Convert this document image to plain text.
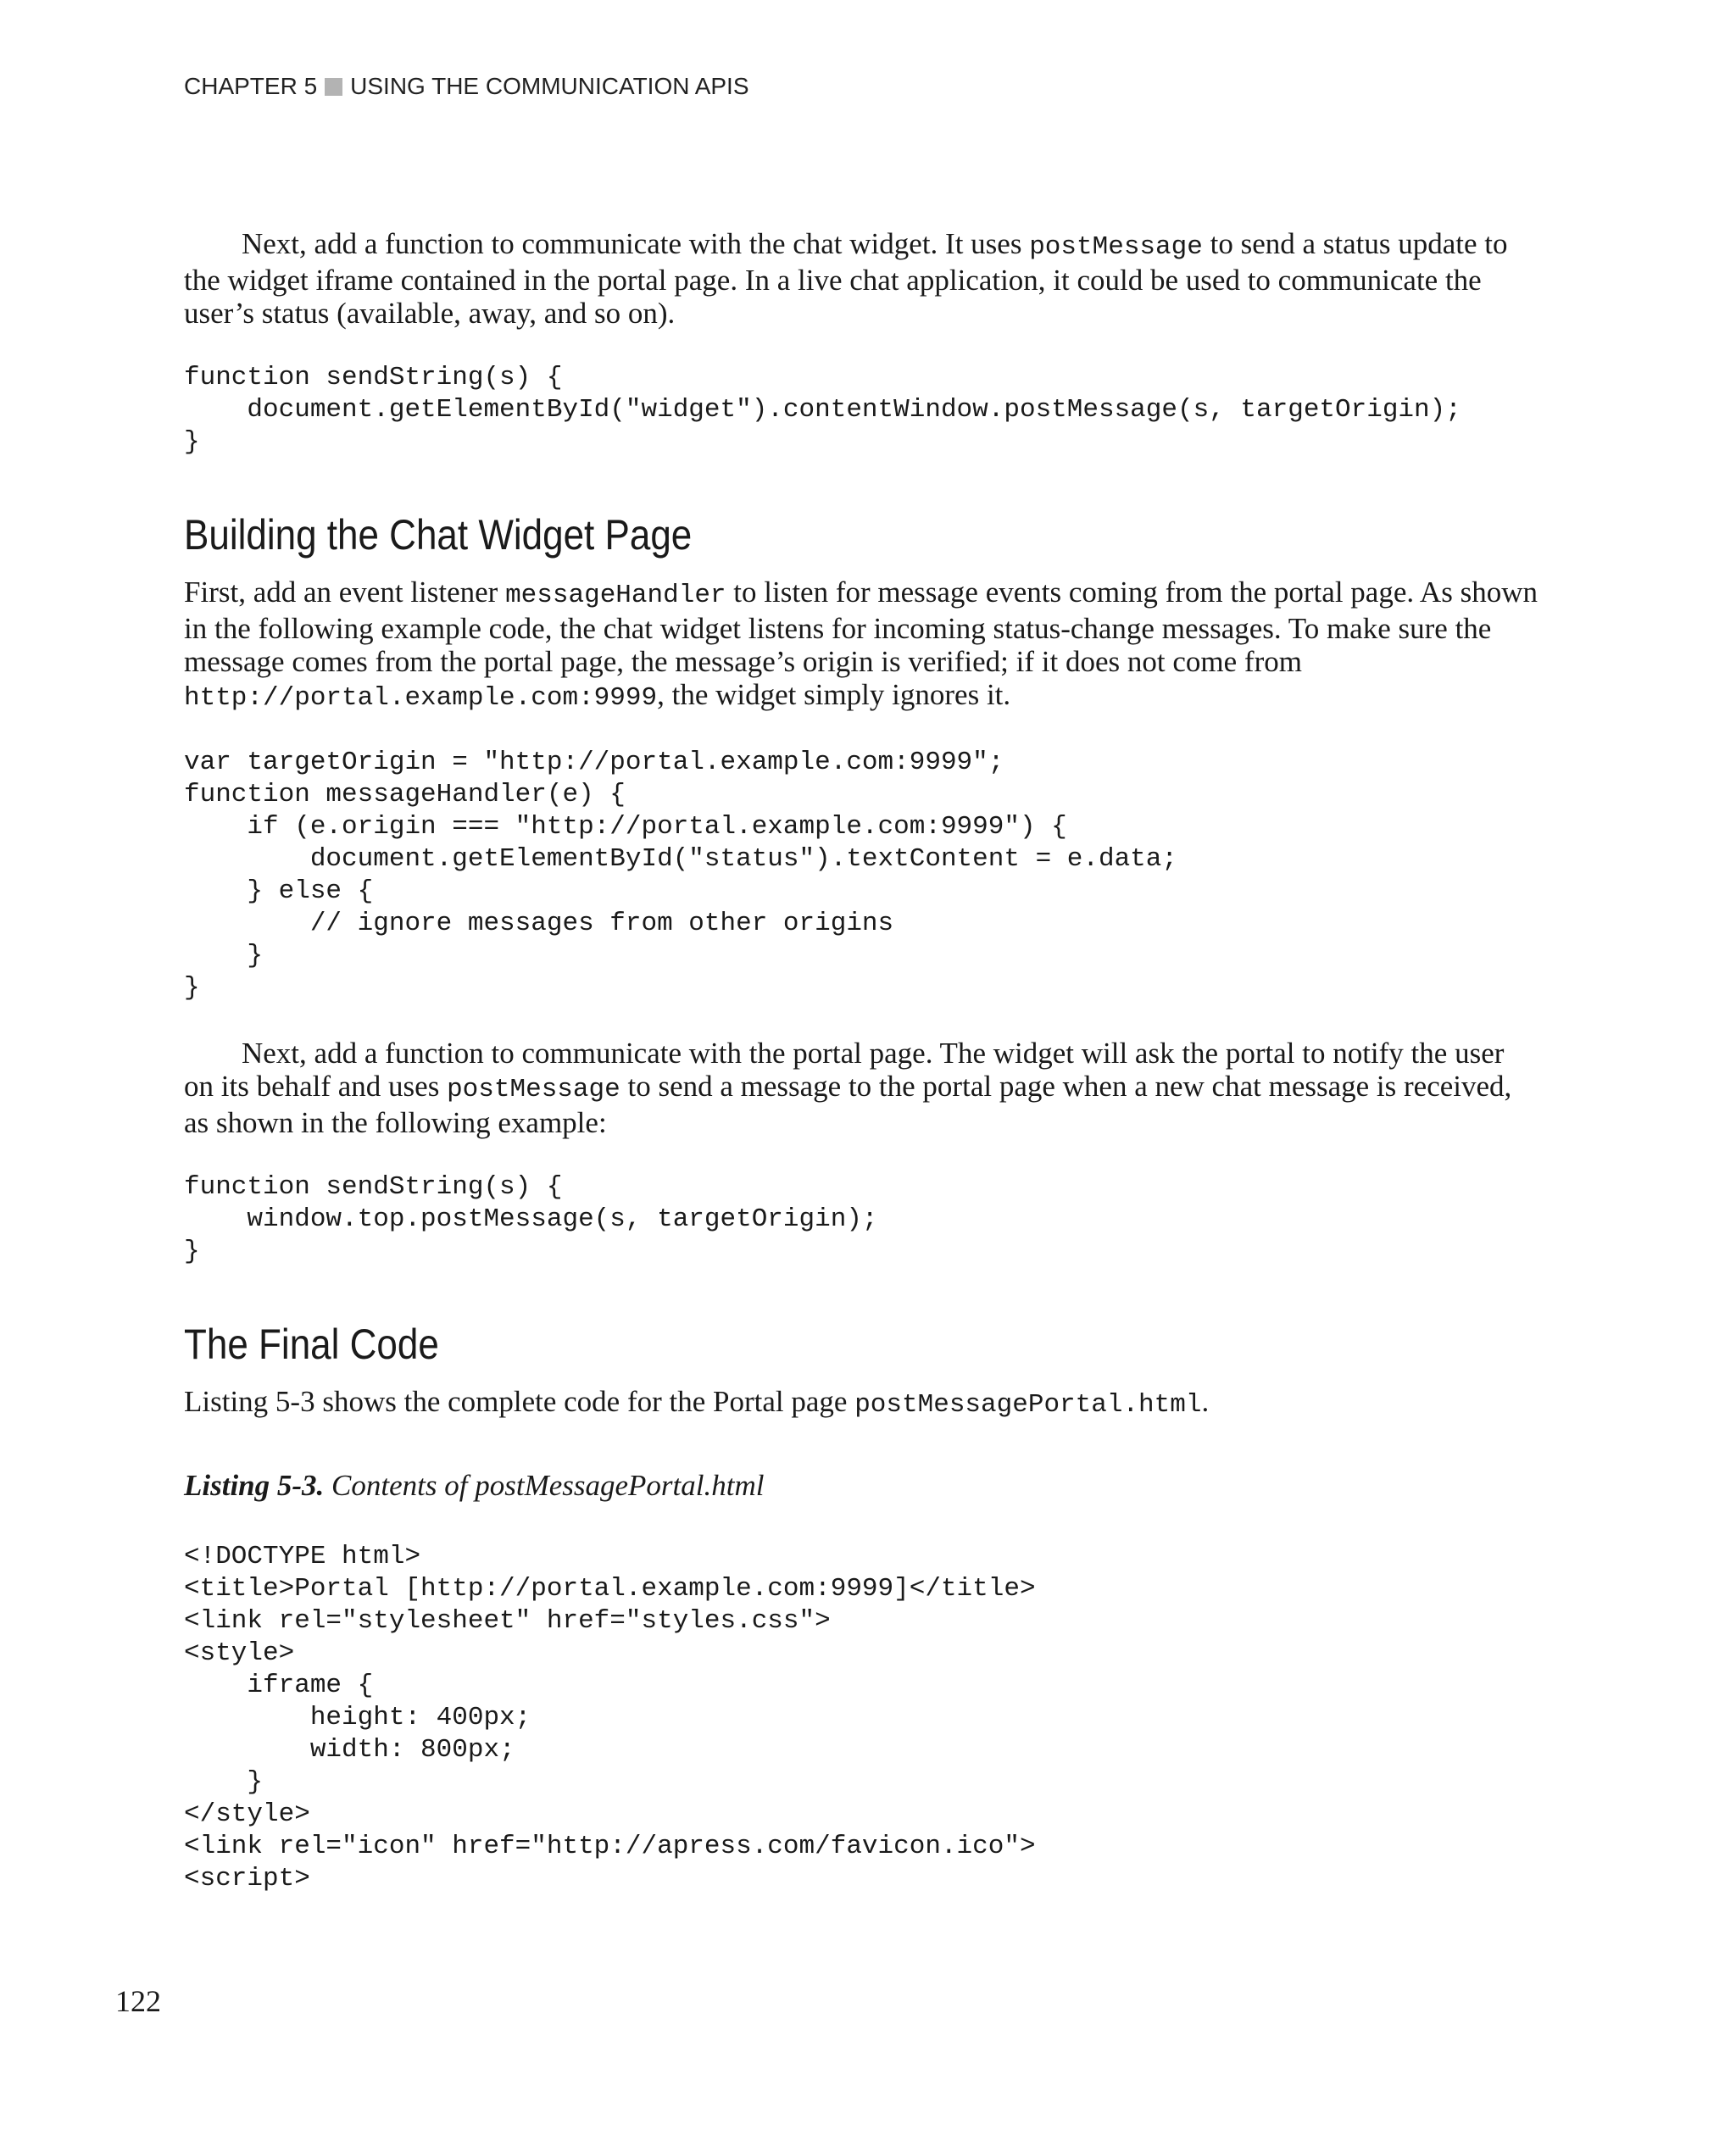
CHAPTER 5 USING THE COMMUNICATION APIS

Next, add a function to communicate with the chat widget. It uses postMessage to send a status update to the widget iframe contained in the portal page. In a live chat application, it could be used to communicate the user’s status (available, away, and so on).

function sendString(s) {
document.getElementById("widget").contentWindow.postMessage(s, targetOrigin);
}
Building the Chat Widget Page

First, add an event listener messageHandler to listen for message events coming from the portal page. As shown in the following example code, the chat widget listens for incoming status-change messages. To make sure the message comes from the portal page, the message’s origin is verified; if it does not come from http://portal.example.com:9999, the widget simply ignores it.

var targetOrigin = "http://portal.example.com:9999";
function messageHandler(e) {
if (e.origin === "http://portal.example.com:9999") {
document.getElementById("status").textContent = e.data;
} else {
// ignore messages from other origins
}
}

Next, add a function to communicate with the portal page. The widget will ask the portal to notify the user on its behalf and uses postMessage to send a message to the portal page when a new chat message is received, as shown in the following example:

function sendString(s) {
window.top.postMessage(s, targetOrigin);
}
The Final Code

Listing 5-3 shows the complete code for the Portal page postMessagePortal.html.

Listing 5-3. Contents of postMessagePortal.html

<!DOCTYPE html>
<title>Portal [http://portal.example.com:9999]</title>
<link rel="stylesheet" href="styles.css">
<style>
iframe {
height: 400px;
width: 800px;
}
</style>
<link rel="icon" href="http://apress.com/favicon.ico">
<script>
122
